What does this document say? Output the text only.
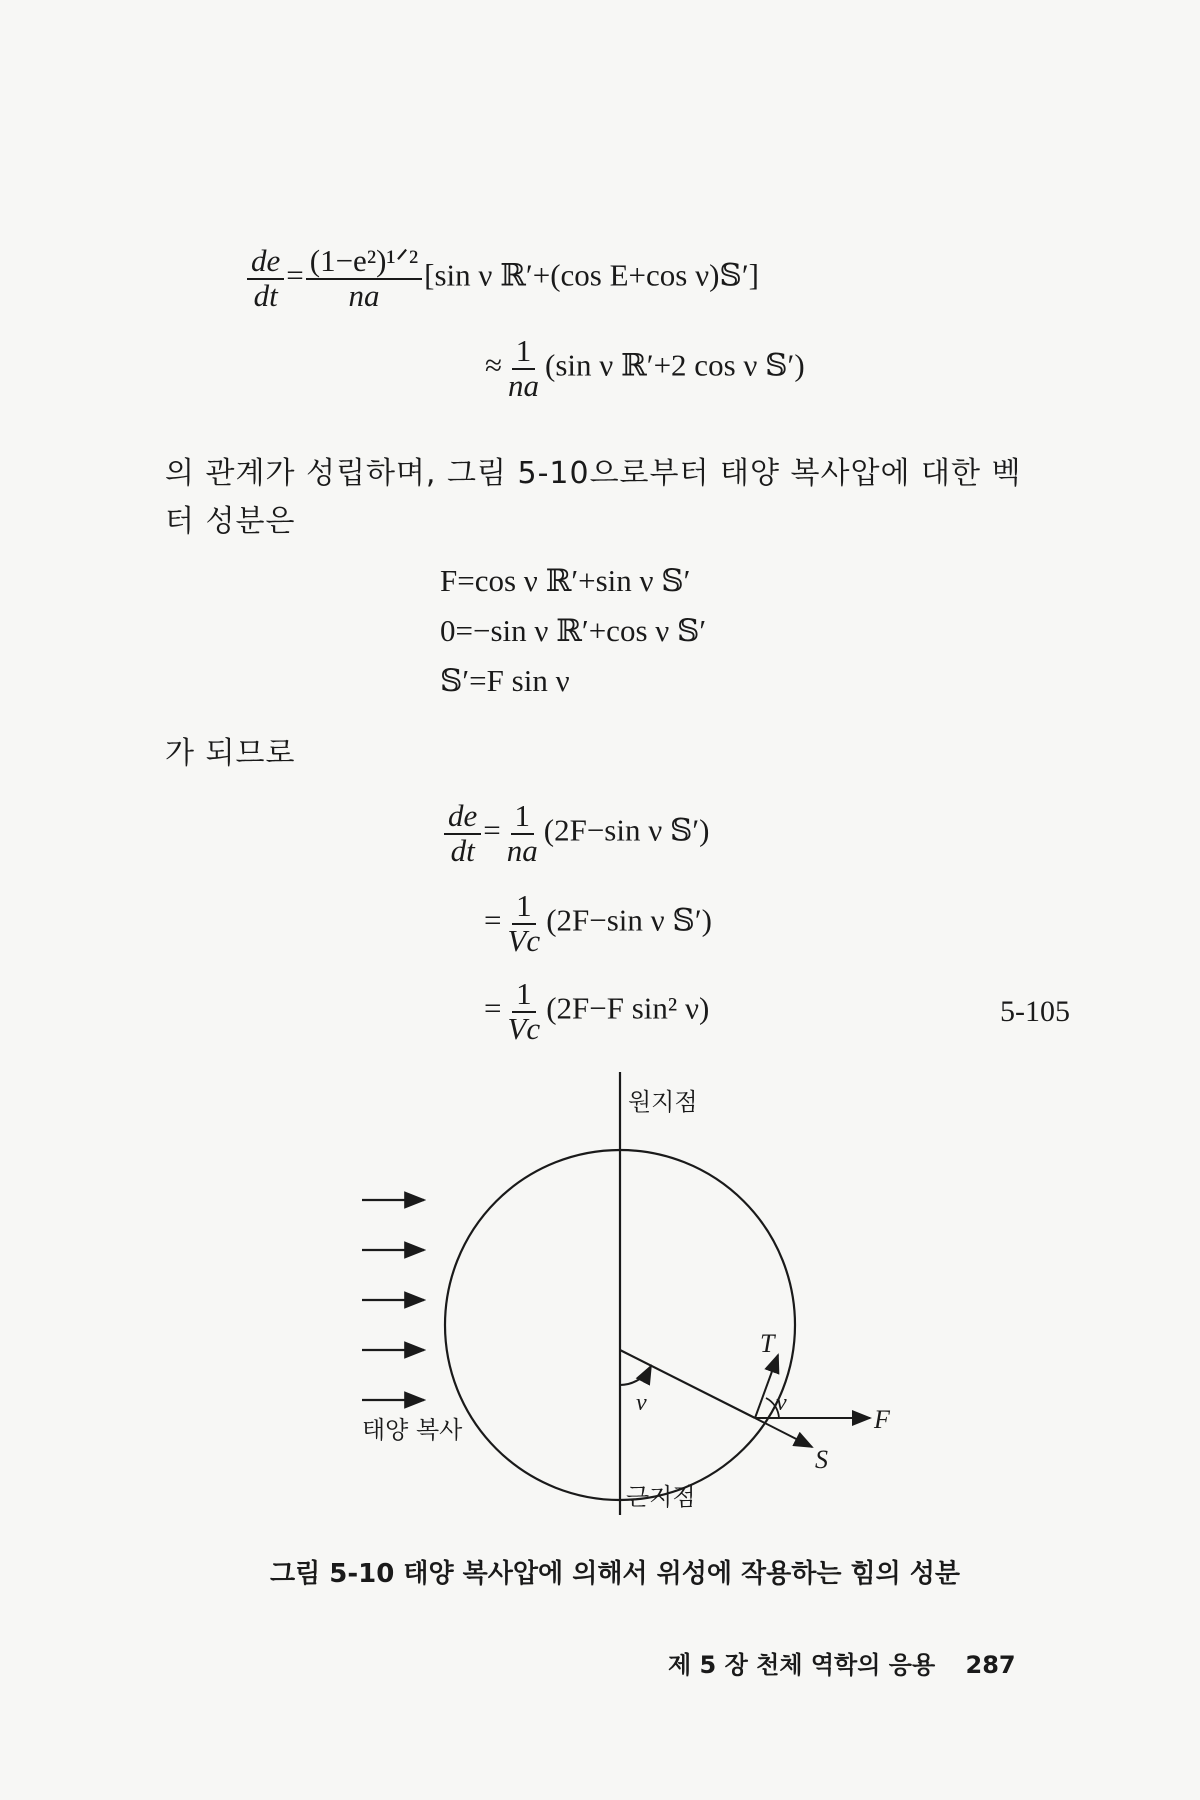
$\frac{de}{dt} = \frac{\text{(1−e²)¹ᐟ²}}{na} [\sin$ ν ℝ′+(cos E+cos ν)𝕊′]
≈ $\frac{1}{na} (\sin$ ν ℝ′+2 cos ν 𝕊′)
의 관계가 성립하며, 그림 5-10으로부터 태양 복사압에 대한 벡
터 성분은
F=cos ν ℝ′+sin ν 𝕊′
0=−sin ν ℝ′+cos ν 𝕊′
𝕊′=F sin ν
가 되므로
$\frac{de}{dt} = \frac{1}{na} (2F-\sin$ ν 𝕊′)
= $\frac{1}{Vc} (2F-\sin$ ν 𝕊′)
= $\frac{1}{Vc} (2F-F$ sin² ν)	5-105
원지점
근지점
태양 복사
T
S
F
ν	ν
그림 5-10 태양 복사압에 의해서 위성에 작용하는 힘의 성분
제 5 장 천체 역학의 응용 287
